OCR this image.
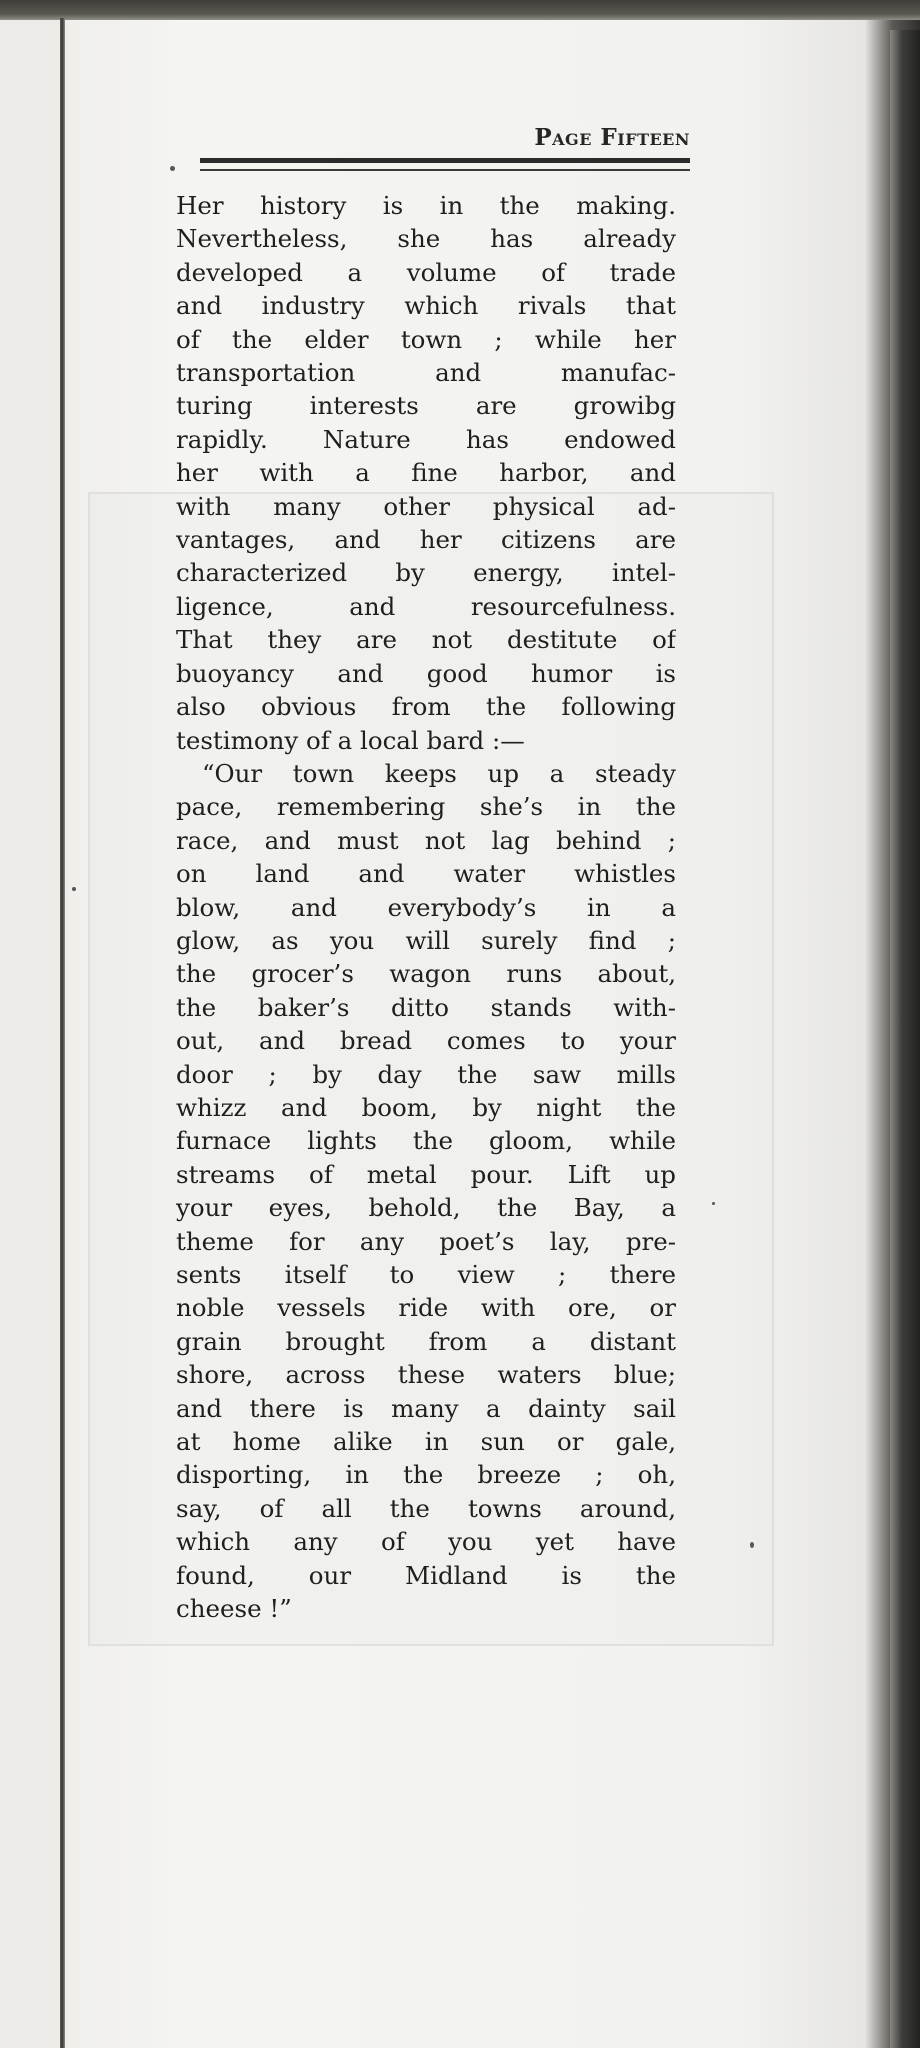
Page Fifteen
Her history is in the making.
Nevertheless, she has already
developed a volume of trade
and industry which rivals that
of the elder town ; while her
transportation and manufac-
turing interests are growibg
rapidly. Nature has endowed
her with a fine harbor, and
with many other physical ad-
vantages, and her citizens are
characterized by energy, intel-
ligence, and resourcefulness.
That they are not destitute of
buoyancy and good humor is
also obvious from the following
testimony of a local bard :—
“Our town keeps up a steady
pace, remembering she’s in the
race, and must not lag behind ;
on land and water whistles
blow, and everybody’s in a
glow, as you will surely find ;
the grocer’s wagon runs about,
the baker’s ditto stands with-
out, and bread comes to your
door ; by day the saw mills
whizz and boom, by night the
furnace lights the gloom, while
streams of metal pour. Lift up
your eyes, behold, the Bay, a
theme for any poet’s lay, pre-
sents itself to view ; there
noble vessels ride with ore, or
grain brought from a distant
shore, across these waters blue;
and there is many a dainty sail
at home alike in sun or gale,
disporting, in the breeze ; oh,
say, of all the towns around,
which any of you yet have
found, our Midland is the
cheese !”
